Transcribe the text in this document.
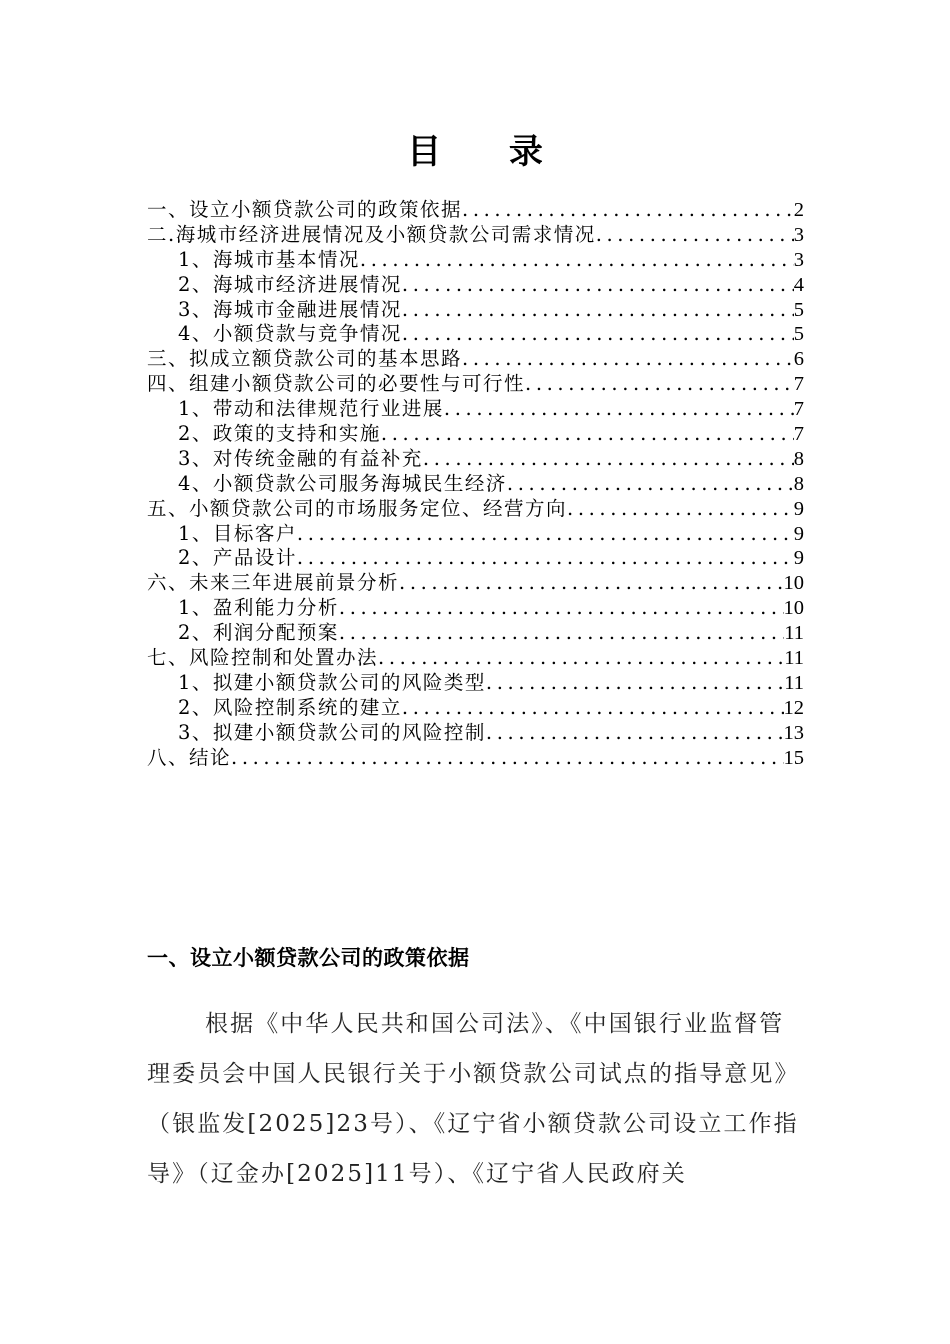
目 录
一、设立小额贷款公司的政策依据 .....	2
二.海城市经济进展情况及小额贷款公司需求情况 .....	3
1、海城市基本情况 .....	3
2、海城市经济进展情况 .....	4
3、海城市金融进展情况 .....	5
4、小额贷款与竞争情况 .....	5
三、拟成立额贷款公司的基本思路 .....	6
四、组建小额贷款公司的必要性与可行性 .....	7
1、带动和法律规范行业进展 .....	7
2、政策的支持和实施 .....	7
3、对传统金融的有益补充 .....	8
4、小额贷款公司服务海城民生经济 .....	8
五、小额贷款公司的市场服务定位、经营方向 .....	9
1、目标客户 .....	9
2、产品设计 .....	9
六、未来三年进展前景分析 .....	10
1、盈利能力分析 .....	10
2、利润分配预案 .....	11
七、风险控制和处置办法 .....	11
1、拟建小额贷款公司的风险类型 .....	11
2、风险控制系统的建立 .....	12
3、拟建小额贷款公司的风险控制 .....	13
八、结论 .....	15
一、设立小额贷款公司的政策依据
根据《中华人民共和国公司法》、《中国银行业监督管理委员会中国人民银行关于小额贷款公司试点的指导意见》（银监发[2025]23号）、《辽宁省小额贷款公司设立工作指导》（辽金办[2025]11号）、《辽宁省人民政府关
